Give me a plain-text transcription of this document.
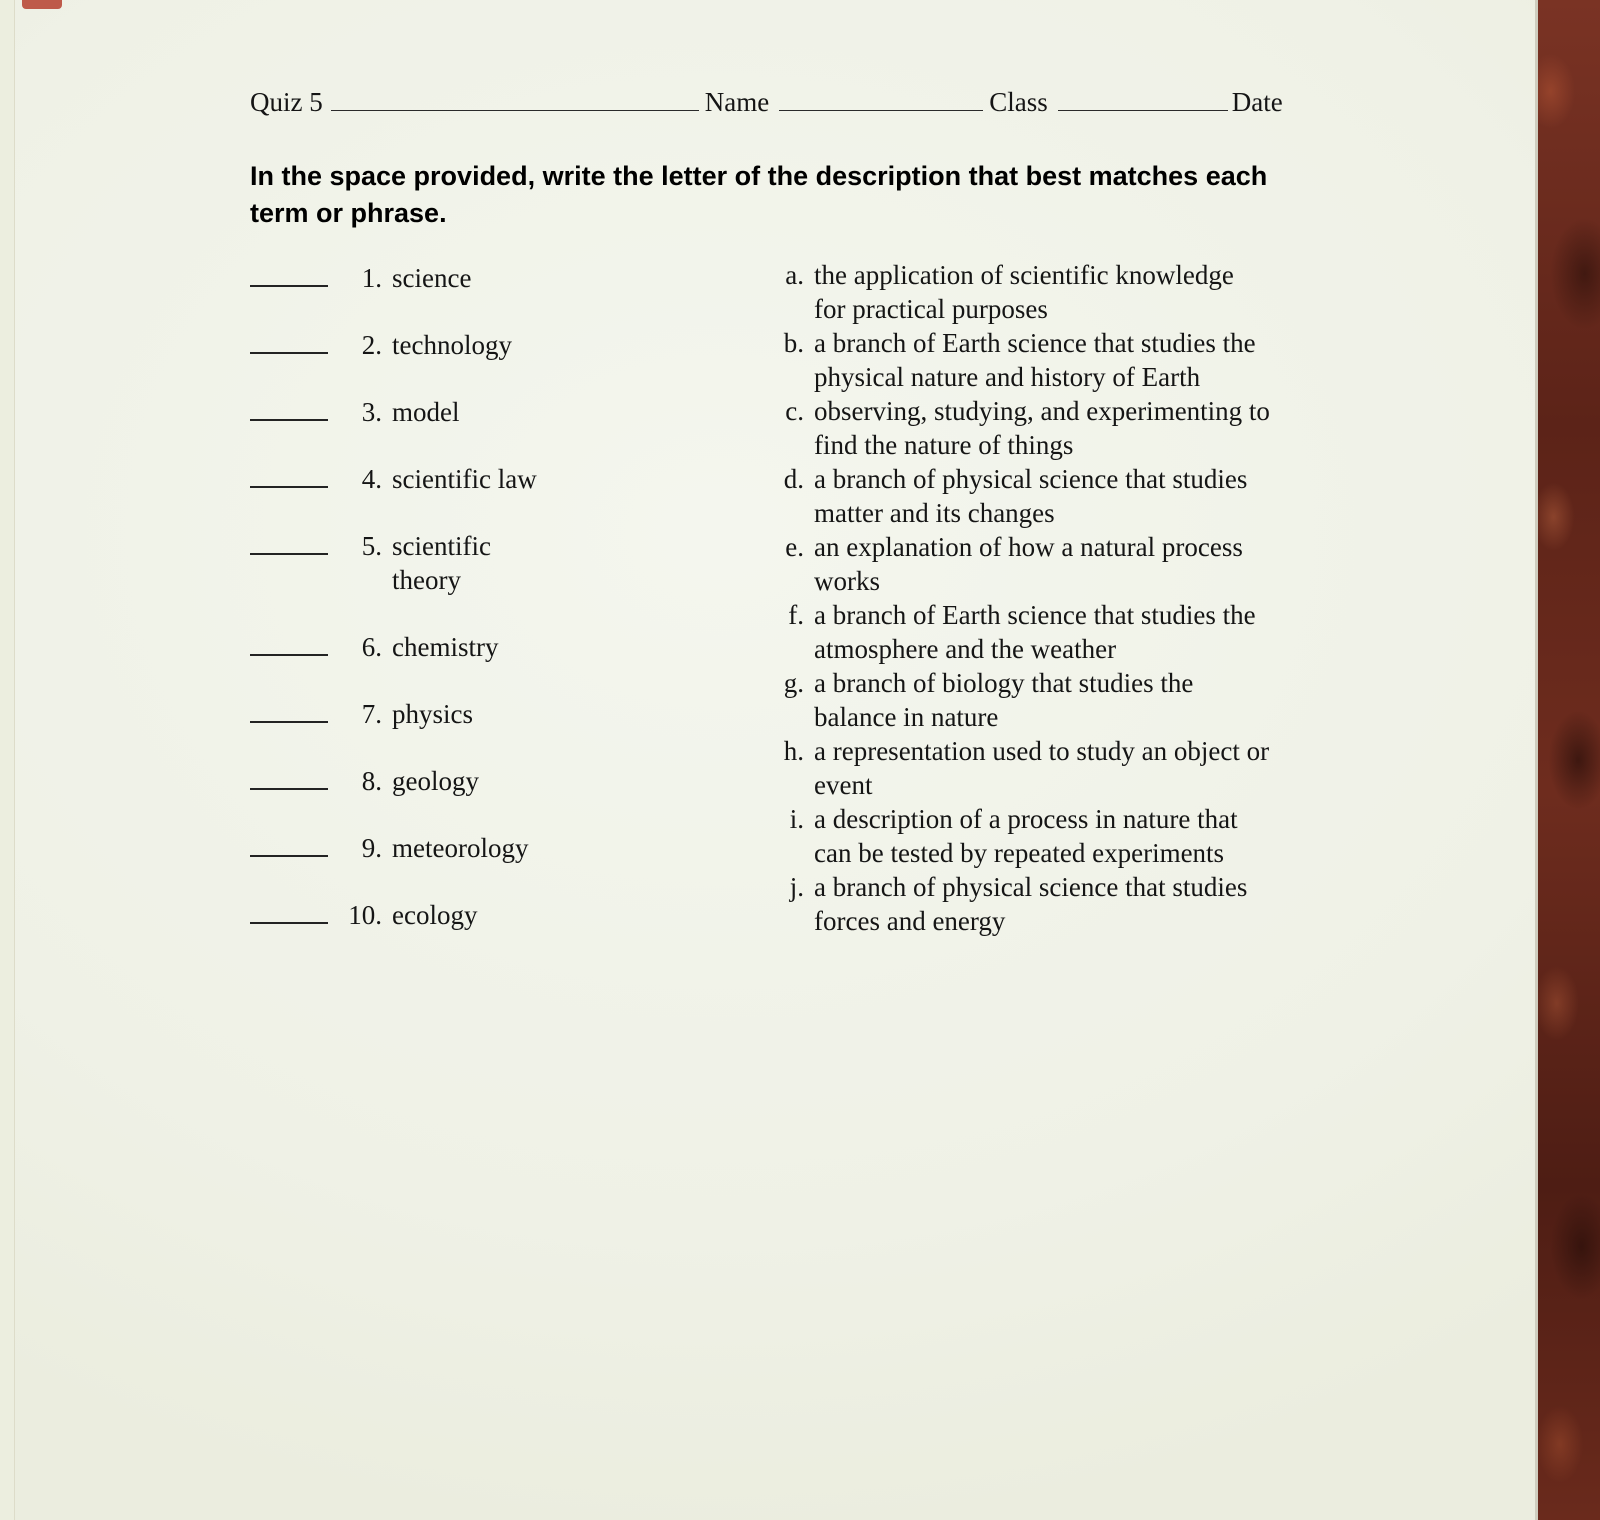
Quiz 5	Name	Class	Date

In the space provided, write the letter of the description that best matches each term or phrase.

1. science
2. technology
3. model
4. scientific law
5. scientific theory
6. chemistry
7. physics
8. geology
9. meteorology
10. ecology
a. the application of scientific knowledge for practical purposes
b. a branch of Earth science that studies the physical nature and history of Earth
c. observing, studying, and experimenting to find the nature of things
d. a branch of physical science that studies matter and its changes
e. an explanation of how a natural process works
f. a branch of Earth science that studies the atmosphere and the weather
g. a branch of biology that studies the balance in nature
h. a representation used to study an object or event
i. a description of a process in nature that can be tested by repeated experiments
j. a branch of physical science that studies forces and energy
